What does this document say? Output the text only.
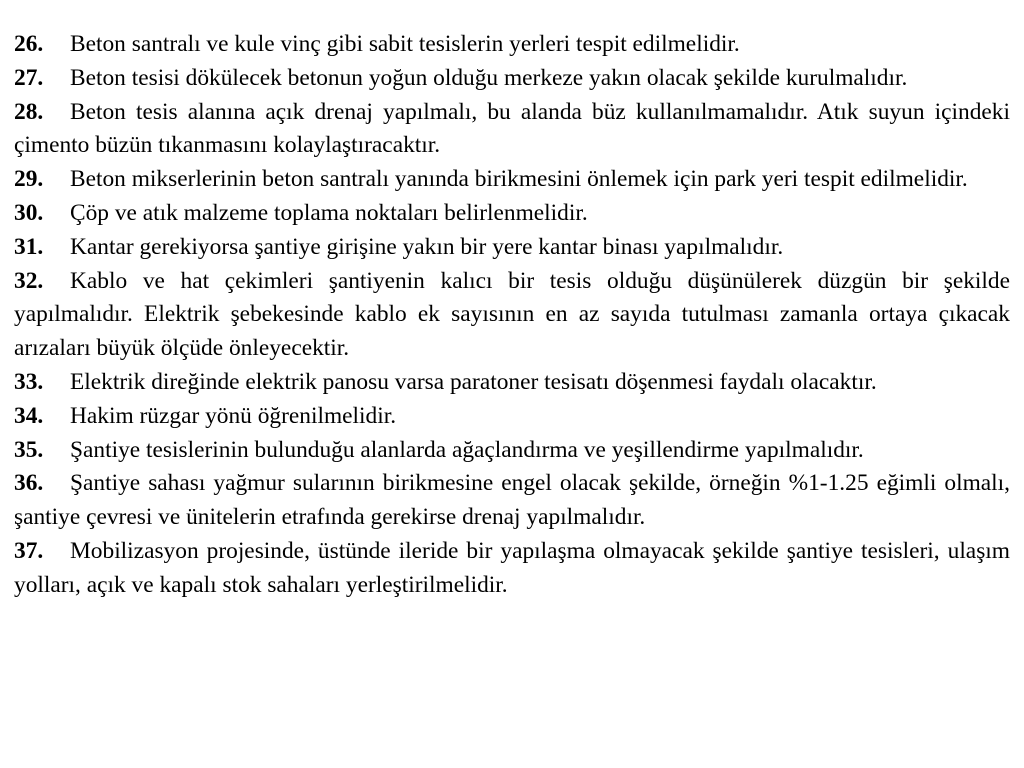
26. Beton santralı ve kule vinç gibi sabit tesislerin yerleri tespit edilmelidir.

27. Beton tesisi dökülecek betonun yoğun olduğu merkeze yakın olacak şekilde kurulmalıdır.

28. Beton tesis alanına açık drenaj yapılmalı, bu alanda büz kullanılmamalıdır. Atık suyun içindeki çimento büzün tıkanmasını kolaylaştıracaktır.

29. Beton mikserlerinin beton santralı yanında birikmesini önlemek için park yeri tespit edilmelidir.

30. Çöp ve atık malzeme toplama noktaları belirlenmelidir.

31. Kantar gerekiyorsa şantiye girişine yakın bir yere kantar binası yapılmalıdır.

32. Kablo ve hat çekimleri şantiyenin kalıcı bir tesis olduğu düşünülerek düzgün bir şekilde yapılmalıdır. Elektrik şebekesinde kablo ek sayısının en az sayıda tutulması zamanla ortaya çıkacak arızaları büyük ölçüde önleyecektir.

33. Elektrik direğinde elektrik panosu varsa paratoner tesisatı döşenmesi faydalı olacaktır.

34. Hakim rüzgar yönü öğrenilmelidir.

35. Şantiye tesislerinin bulunduğu alanlarda ağaçlandırma ve yeşillendirme yapılmalıdır.

36. Şantiye sahası yağmur sularının birikmesine engel olacak şekilde, örneğin %1-1.25 eğimli olmalı, şantiye çevresi ve ünitelerin etrafında gerekirse drenaj yapılmalıdır.

37. Mobilizasyon projesinde, üstünde ileride bir yapılaşma olmayacak şekilde şantiye tesisleri, ulaşım yolları, açık ve kapalı stok sahaları yerleştirilmelidir.
